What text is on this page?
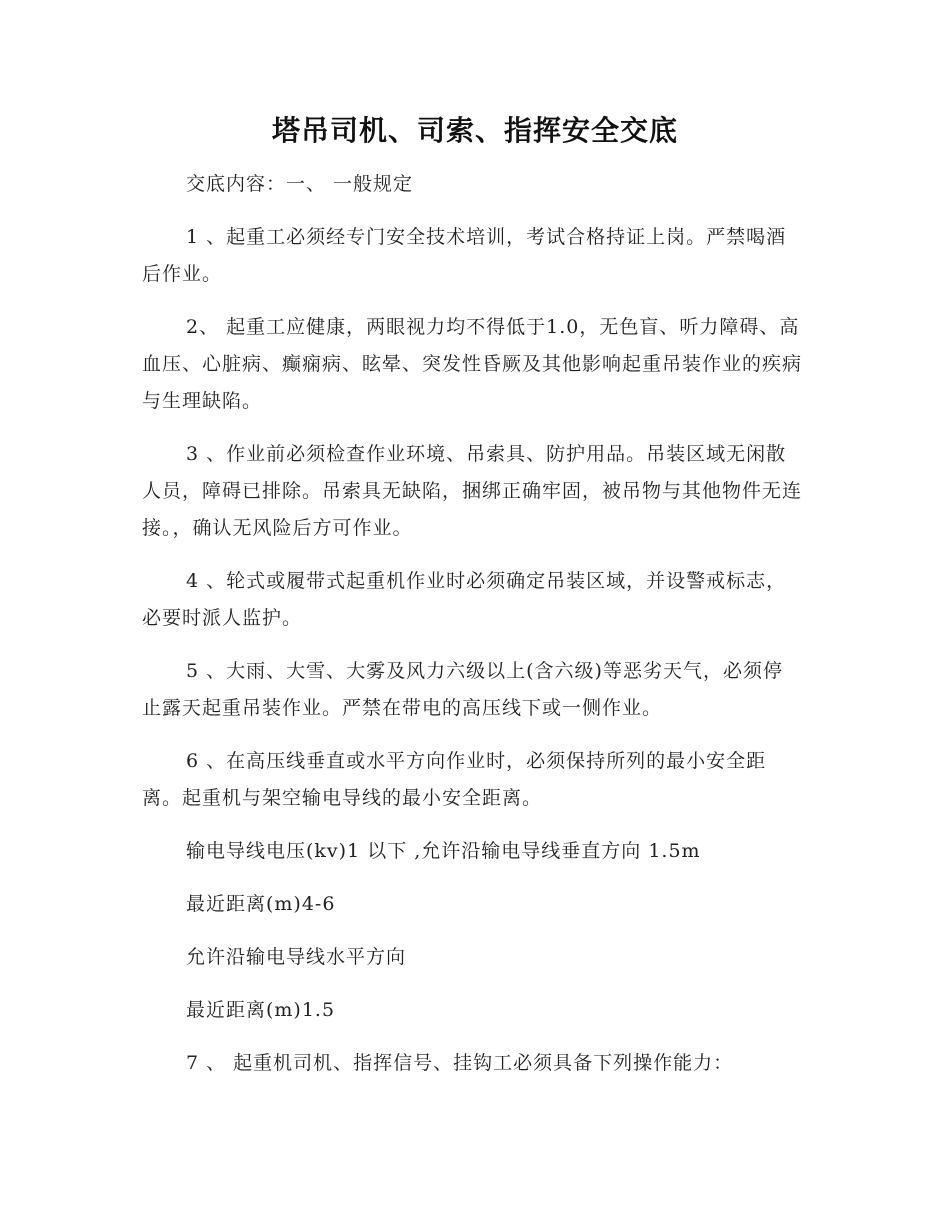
塔吊司机、司索、指挥安全交底

交底内容：一、 一般规定

1 、起重工必须经专门安全技术培训，考试合格持证上岗。严禁喝酒后作业。

2、 起重工应健康，两眼视力均不得低于1.0，无色盲、听力障碍、高血压、心脏病、癫痫病、眩晕、突发性昏厥及其他影响起重吊装作业的疾病与生理缺陷。

3 、作业前必须检查作业环境、吊索具、防护用品。吊装区域无闲散人员，障碍已排除。吊索具无缺陷，捆绑正确牢固，被吊物与其他物件无连接。，确认无风险后方可作业。

4 、轮式或履带式起重机作业时必须确定吊装区域，并设警戒标志，必要时派人监护。

5 、大雨、大雪、大雾及风力六级以上(含六级)等恶劣天气，必须停止露天起重吊装作业。严禁在带电的高压线下或一侧作业。

6 、在高压线垂直或水平方向作业时，必须保持所列的最小安全距离。起重机与架空输电导线的最小安全距离。

输电导线电压(kv)1 以下 ,允许沿输电导线垂直方向 1.5m

最近距离(m)4-6

允许沿输电导线水平方向

最近距离(m)1.5

7 、 起重机司机、指挥信号、挂钩工必须具备下列操作能力：
